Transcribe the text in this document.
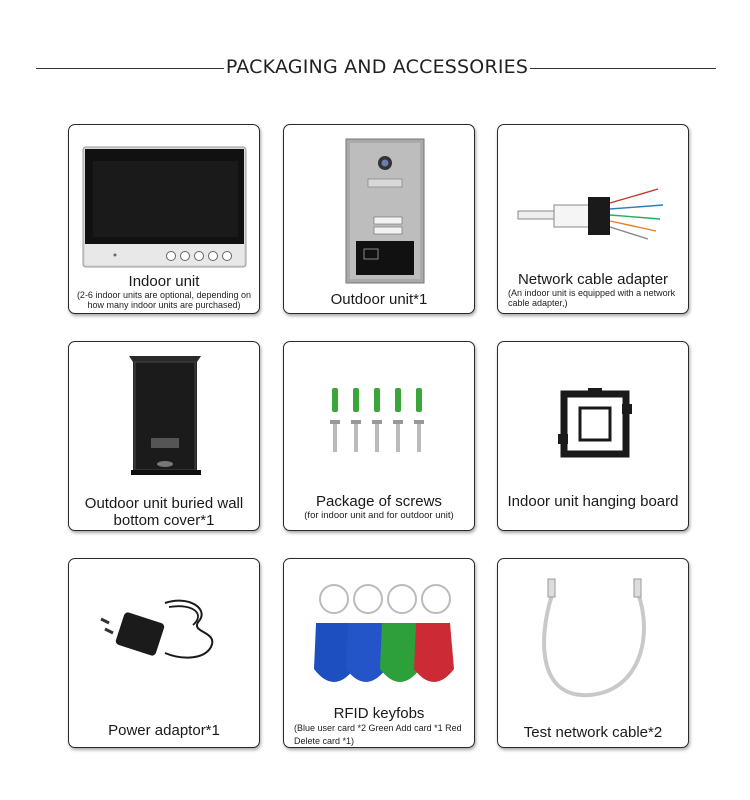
PACKAGING AND ACCESSORIES
Indoor unit
(2-6 indoor units are optional, depending on how many indoor units are purchased)	Outdoor unit*1
Network cable adapter
(An indoor unit is equipped with a network cable adapter,)
Outdoor unit buried wall bottom cover*1
Package of screws
(for indoor unit and for outdoor unit)
Indoor unit hanging board
Power adaptor*1
RFID keyfobs
(Blue user card *2 Green Add card *1 Red Delete card *1)	Test network cable*2
